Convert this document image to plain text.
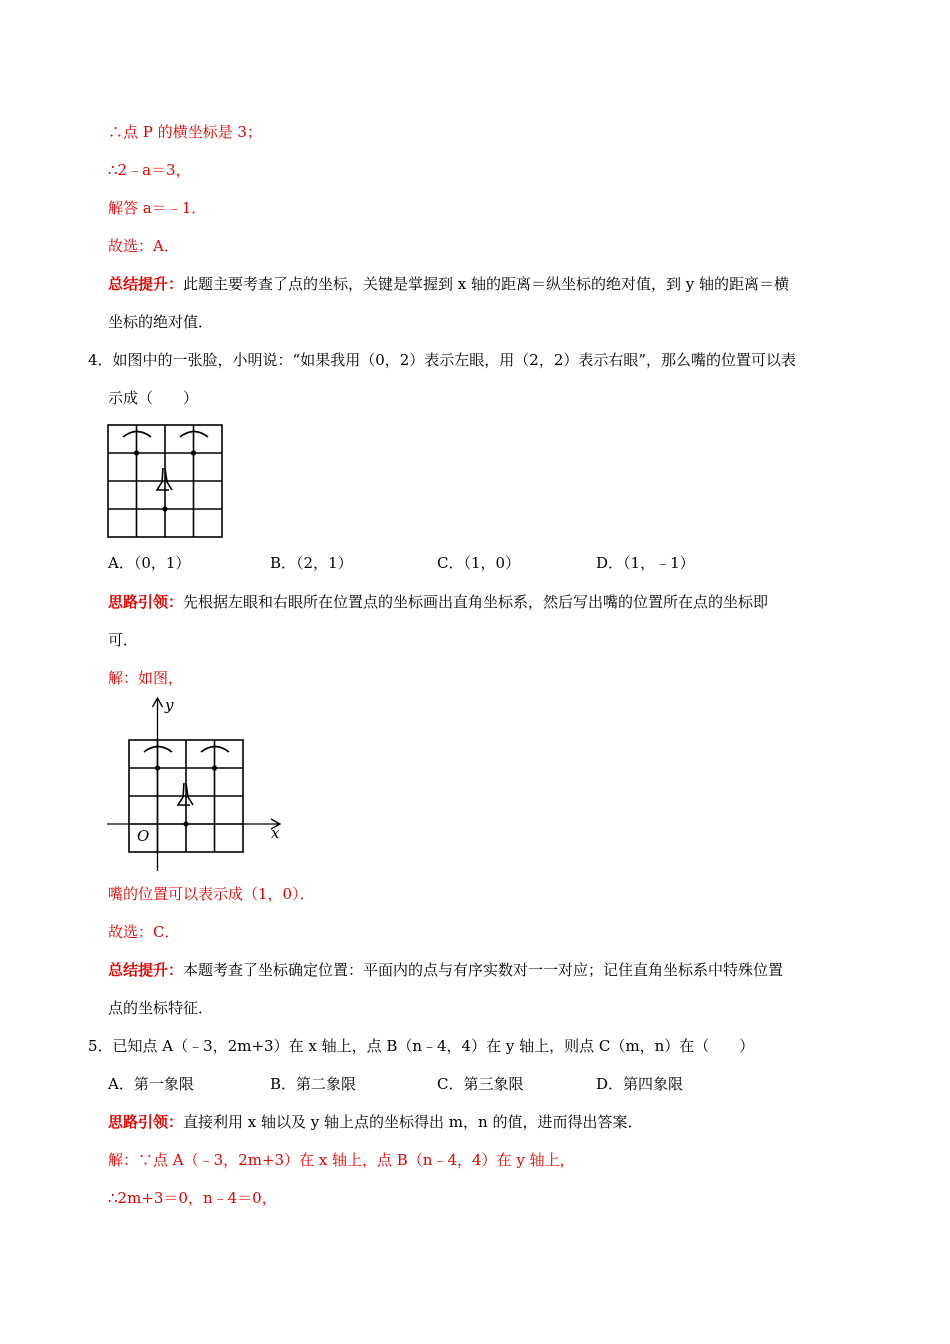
∴点 P 的横坐标是 3；
∴2﹣a＝3，
解答 a＝﹣1．
故选：A．
总结提升：此题主要考查了点的坐标，关键是掌握到 x 轴的距离＝纵坐标的绝对值，到 y 轴的距离＝横
坐标的绝对值．
4．如图中的一张脸，小明说：“如果我用（0，2）表示左眼，用（2，2）表示右眼”，那么嘴的位置可以表
示成（　　）
A．（0，1）	B．（2，1）	C．（1，0）	D．（1，﹣1）
思路引领：先根据左眼和右眼所在位置点的坐标画出直角坐标系，然后写出嘴的位置所在点的坐标即
可．
解：如图，
y
x
O
嘴的位置可以表示成（1，0）．
故选：C．
总结提升：本题考查了坐标确定位置：平面内的点与有序实数对一一对应；记住直角坐标系中特殊位置
点的坐标特征．
5．已知点 A（﹣3，2m+3）在 x 轴上，点 B（n﹣4，4）在 y 轴上，则点 C（m，n）在（　　）
A．第一象限	B．第二象限	C．第三象限	D．第四象限
思路引领：直接利用 x 轴以及 y 轴上点的坐标得出 m，n 的值，进而得出答案．
解：∵点 A（﹣3，2m+3）在 x 轴上，点 B（n﹣4，4）在 y 轴上，
∴2m+3＝0，n﹣4＝0，
